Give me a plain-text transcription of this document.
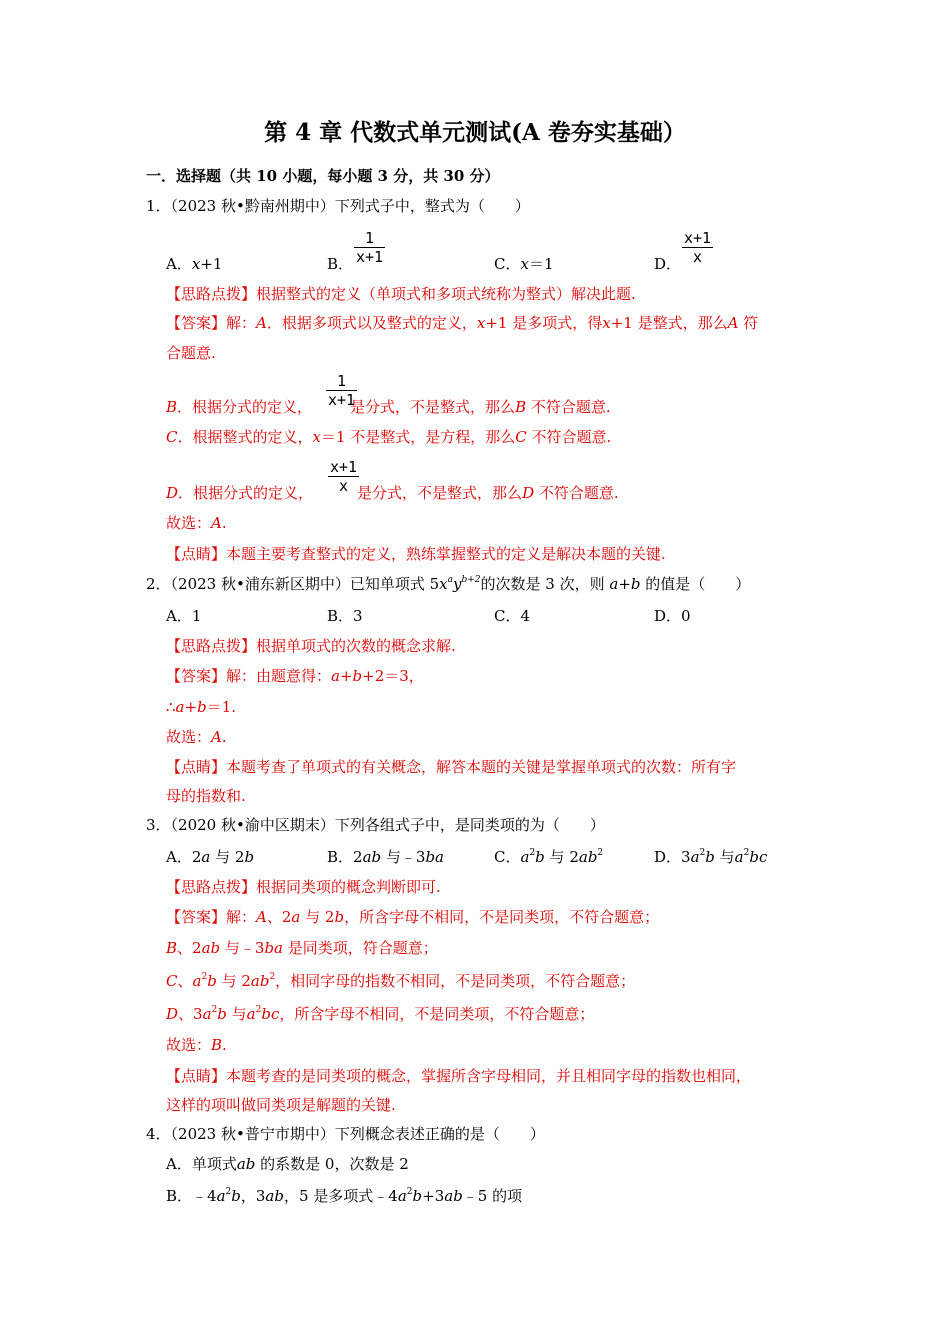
第 4 章 代数式单元测试(A 卷夯实基础）
一．选择题（共 10 小题，每小题 3 分，共 30 分）
1．（2023 秋•黔南州期中）下列式子中，整式为（　　）
A．x+1	B． $\frac{1}{x+1}$	C．x＝1	D． $\frac{x+1}{x}$
【思路点拨】根据整式的定义（单项式和多项式统称为整式）解决此题.
【答案】解：A．根据多项式以及整式的定义，x+1 是多项式，得x+1 是整式，那么A 符
合题意.
B．根据分式的定义，	是分式，不是整式，那么B 不符合题意.
$\frac{1}{x+1}$
C．根据整式的定义，x＝1 不是整式，是方程，那么C 不符合题意.
D．根据分式的定义，	是分式，不是整式，那么D 不符合题意.
$\frac{x+1}{x}$
故选：A.
【点睛】本题主要考查整式的定义，熟练掌握整式的定义是解决本题的关键.
2．（2023 秋•浦东新区期中）已知单项式 $5x^ay^{b+2}$的次数是 3 次，则 a+b 的值是（　　）
A．1	B．3	C．4	D．0
【思路点拨】根据单项式的次数的概念求解.
【答案】解：由题意得：a+b+2＝3，
∴a+b＝1.
故选：A.
【点睛】本题考查了单项式的有关概念，解答本题的关键是掌握单项式的次数：所有字
母的指数和.
3．（2020 秋•渝中区期末）下列各组式子中，是同类项的为（　　）
A．2a 与 2b	B．2ab 与﹣3ba	C．$a^2b$ 与 $2ab^2$	D．$3a^2b$ 与$a^2bc$
【思路点拨】根据同类项的概念判断即可.
【答案】解：A、2a 与 2b，所含字母不相同，不是同类项，不符合题意；
B、2ab 与﹣3ba 是同类项，符合题意；
C、$a^2b$ 与 $2ab^2$，相同字母的指数不相同，不是同类项，不符合题意；
D、$3a^2b$ 与$a^2bc$，所含字母不相同，不是同类项，不符合题意；
故选：B.
【点睛】本题考查的是同类项的概念，掌握所含字母相同，并且相同字母的指数也相同，
这样的项叫做同类项是解题的关键.
4．（2023 秋•普宁市期中）下列概念表述正确的是（　　）
A．单项式ab 的系数是 0，次数是 2
B．$﹣4a^2b$，3ab，5 是多项式$﹣4a^2b+3ab﹣5$ 的项
